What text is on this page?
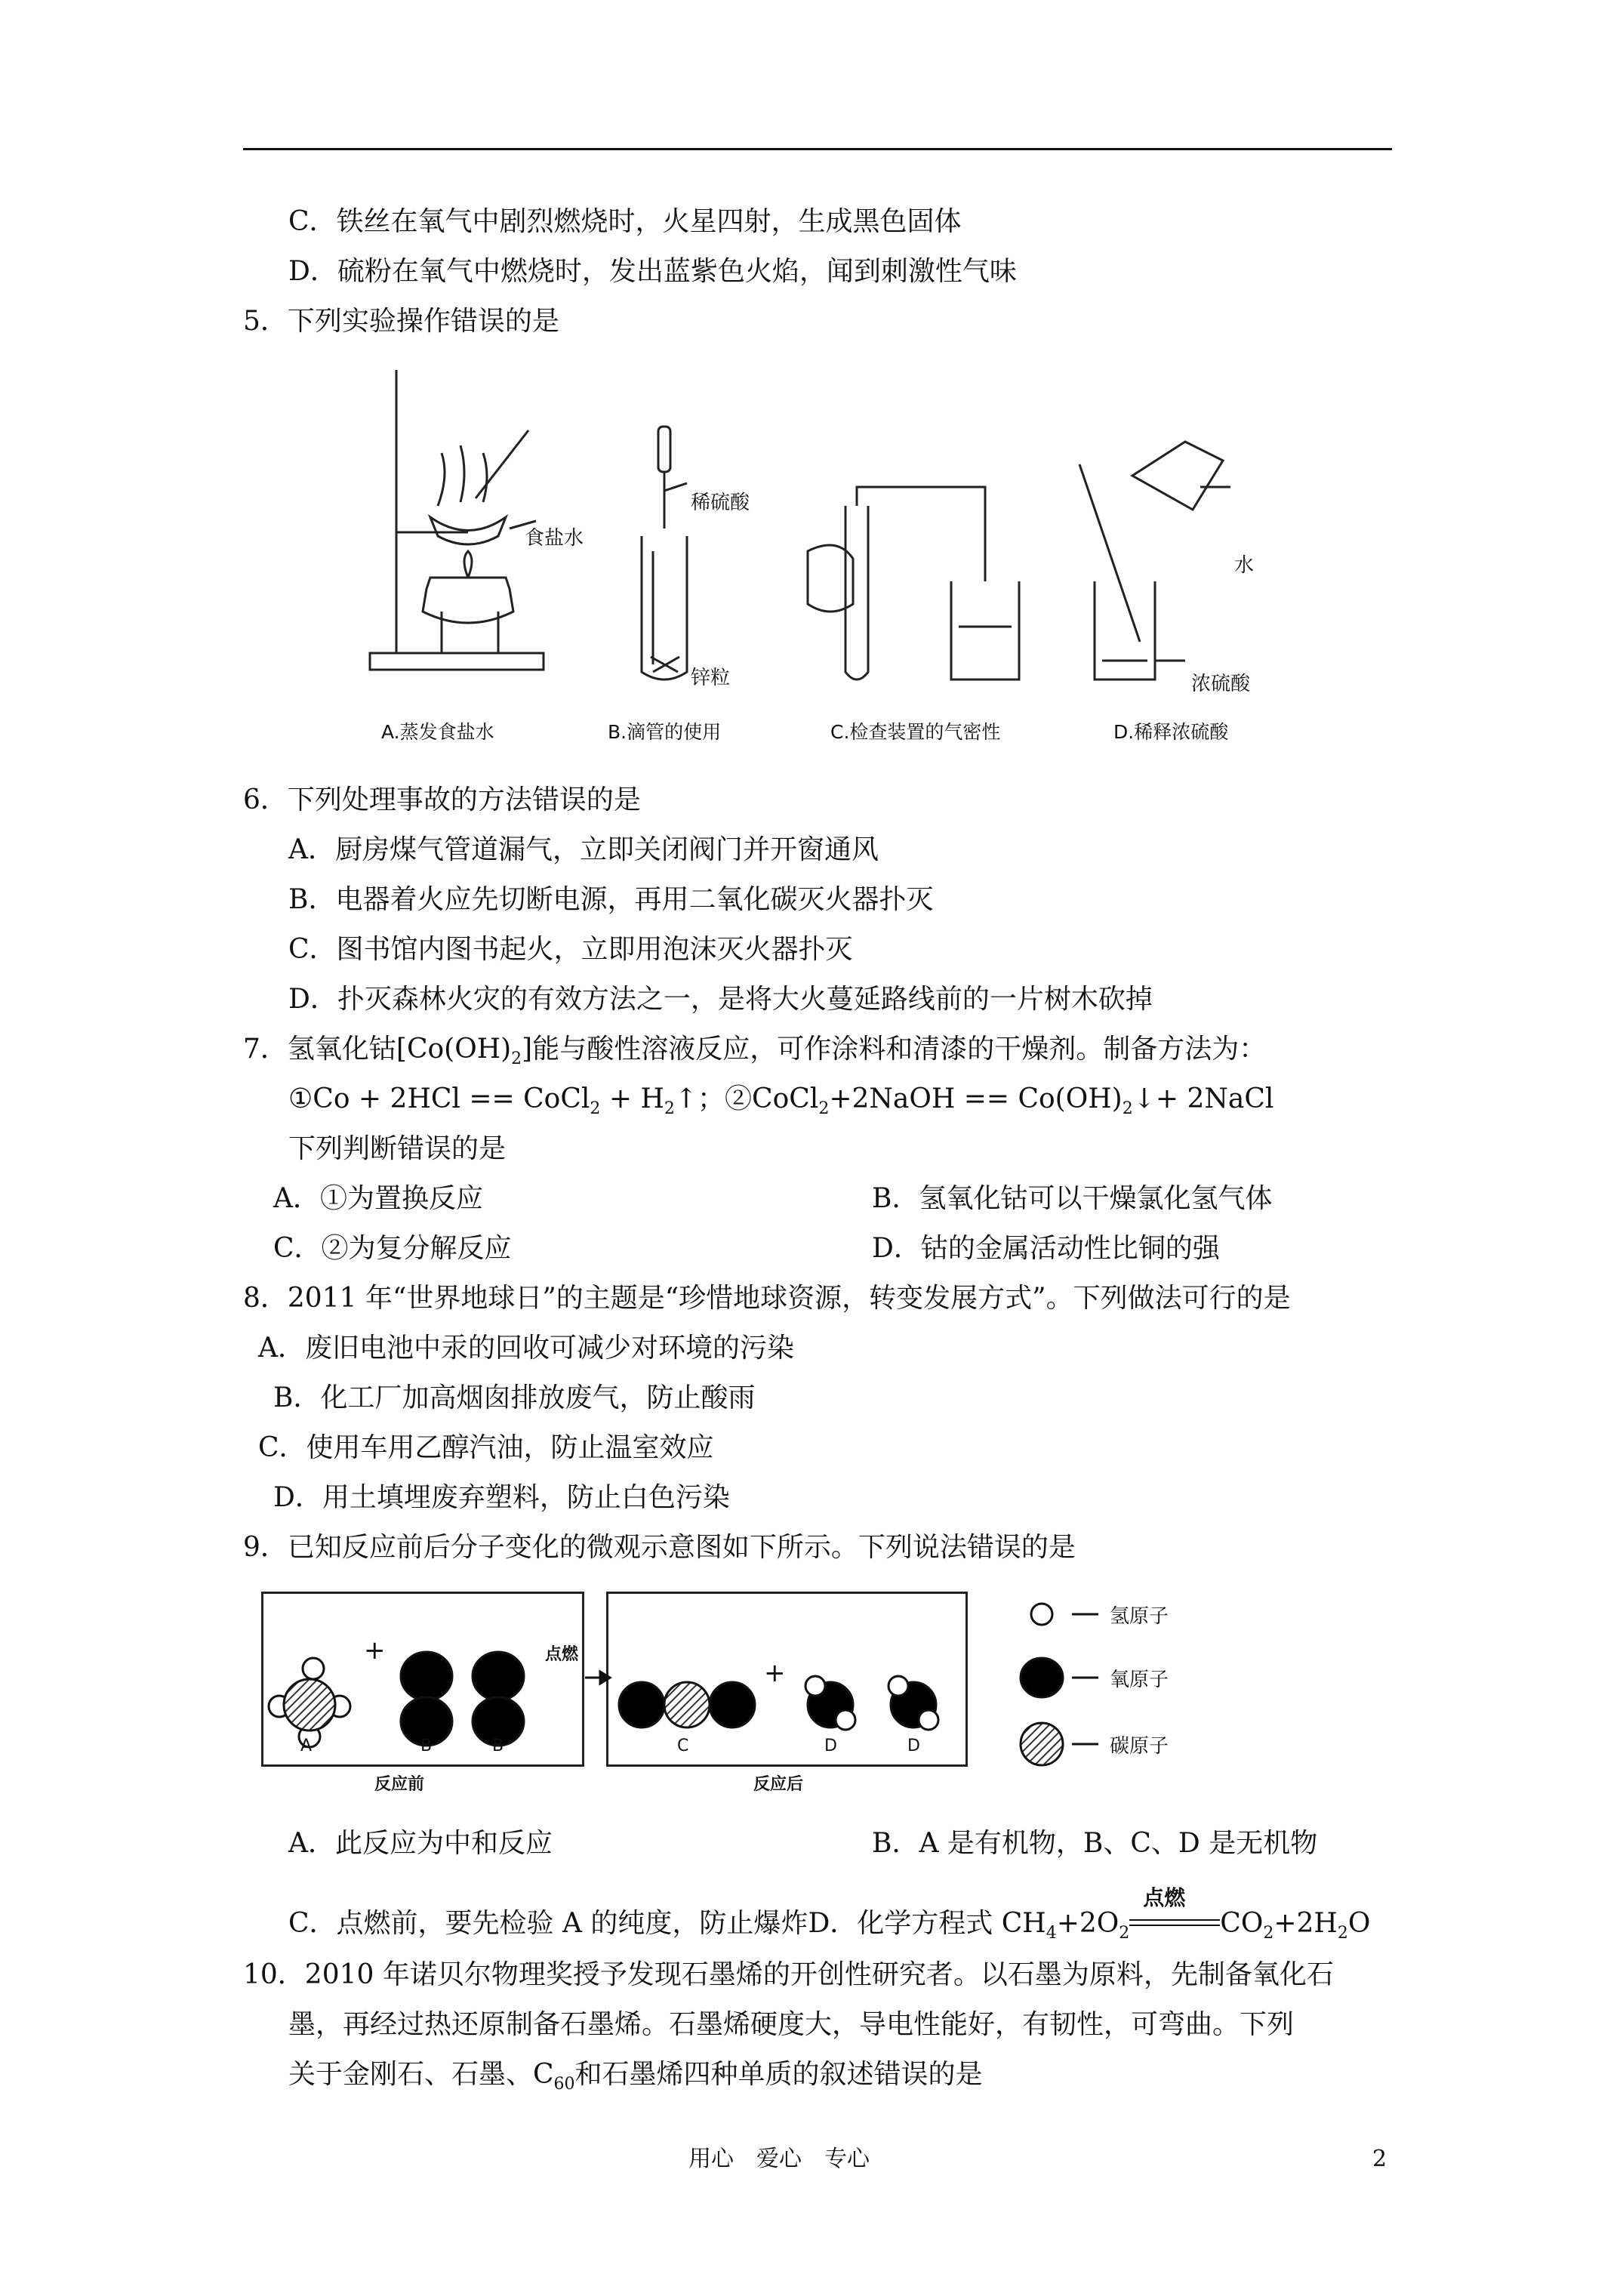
C．铁丝在氧气中剧烈燃烧时，火星四射，生成黑色固体
D．硫粉在氧气中燃烧时，发出蓝紫色火焰，闻到刺激性气味
5．下列实验操作错误的是
食盐水
稀硫酸
锌粒
水
浓硫酸
A.蒸发食盐水	B.滴管的使用	C.检查装置的气密性	D.稀释浓硫酸
6．下列处理事故的方法错误的是
A．厨房煤气管道漏气，立即关闭阀门并开窗通风
B．电器着火应先切断电源，再用二氧化碳灭火器扑灭
C．图书馆内图书起火，立即用泡沫灭火器扑灭
D．扑灭森林火灾的有效方法之一，是将大火蔓延路线前的一片树木砍掉
7．氢氧化钴$[Co(OH)_2]$能与酸性溶液反应，可作涂料和清漆的干燥剂。制备方法为：
①Co + 2HCl == CoCl$_2$ + $H_2↑$；②CoCl$_2$+2NaOH == $Co(OH)_2↓+$ 2NaCl
下列判断错误的是
A．①为置换反应	B．氢氧化钴可以干燥氯化氢气体
C．②为复分解反应	D．钴的金属活动性比铜的强
8．2011 年“世界地球日”的主题是“珍惜地球资源，转变发展方式”。下列做法可行的是
A．废旧电池中汞的回收可减少对环境的污染
B．化工厂加高烟囱排放废气，防止酸雨
C．使用车用乙醇汽油，防止温室效应
D．用土填埋废弃塑料，防止白色污染
9．已知反应前后分子变化的微观示意图如下所示。下列说法错误的是
+
+
点燃
A	B	B	C	D	D
反应前	反应后
氢原子
氧原子
碳原子
A．此反应为中和反应	B．A 是有机物，B、C、D 是无机物
C．点燃前，要先检验 A 的纯度，防止爆炸D．化学方程式 $CH_4+2O_2$
点燃
$CO_2+2H_2O$
10．2010 年诺贝尔物理奖授予发现石墨烯的开创性研究者。以石墨为原料，先制备氧化石
墨，再经过热还原制备石墨烯。石墨烯硬度大，导电性能好，有韧性，可弯曲。下列
关于金刚石、石墨、$C_{60}$和石墨烯四种单质的叙述错误的是
用心　爱心　专心	2
